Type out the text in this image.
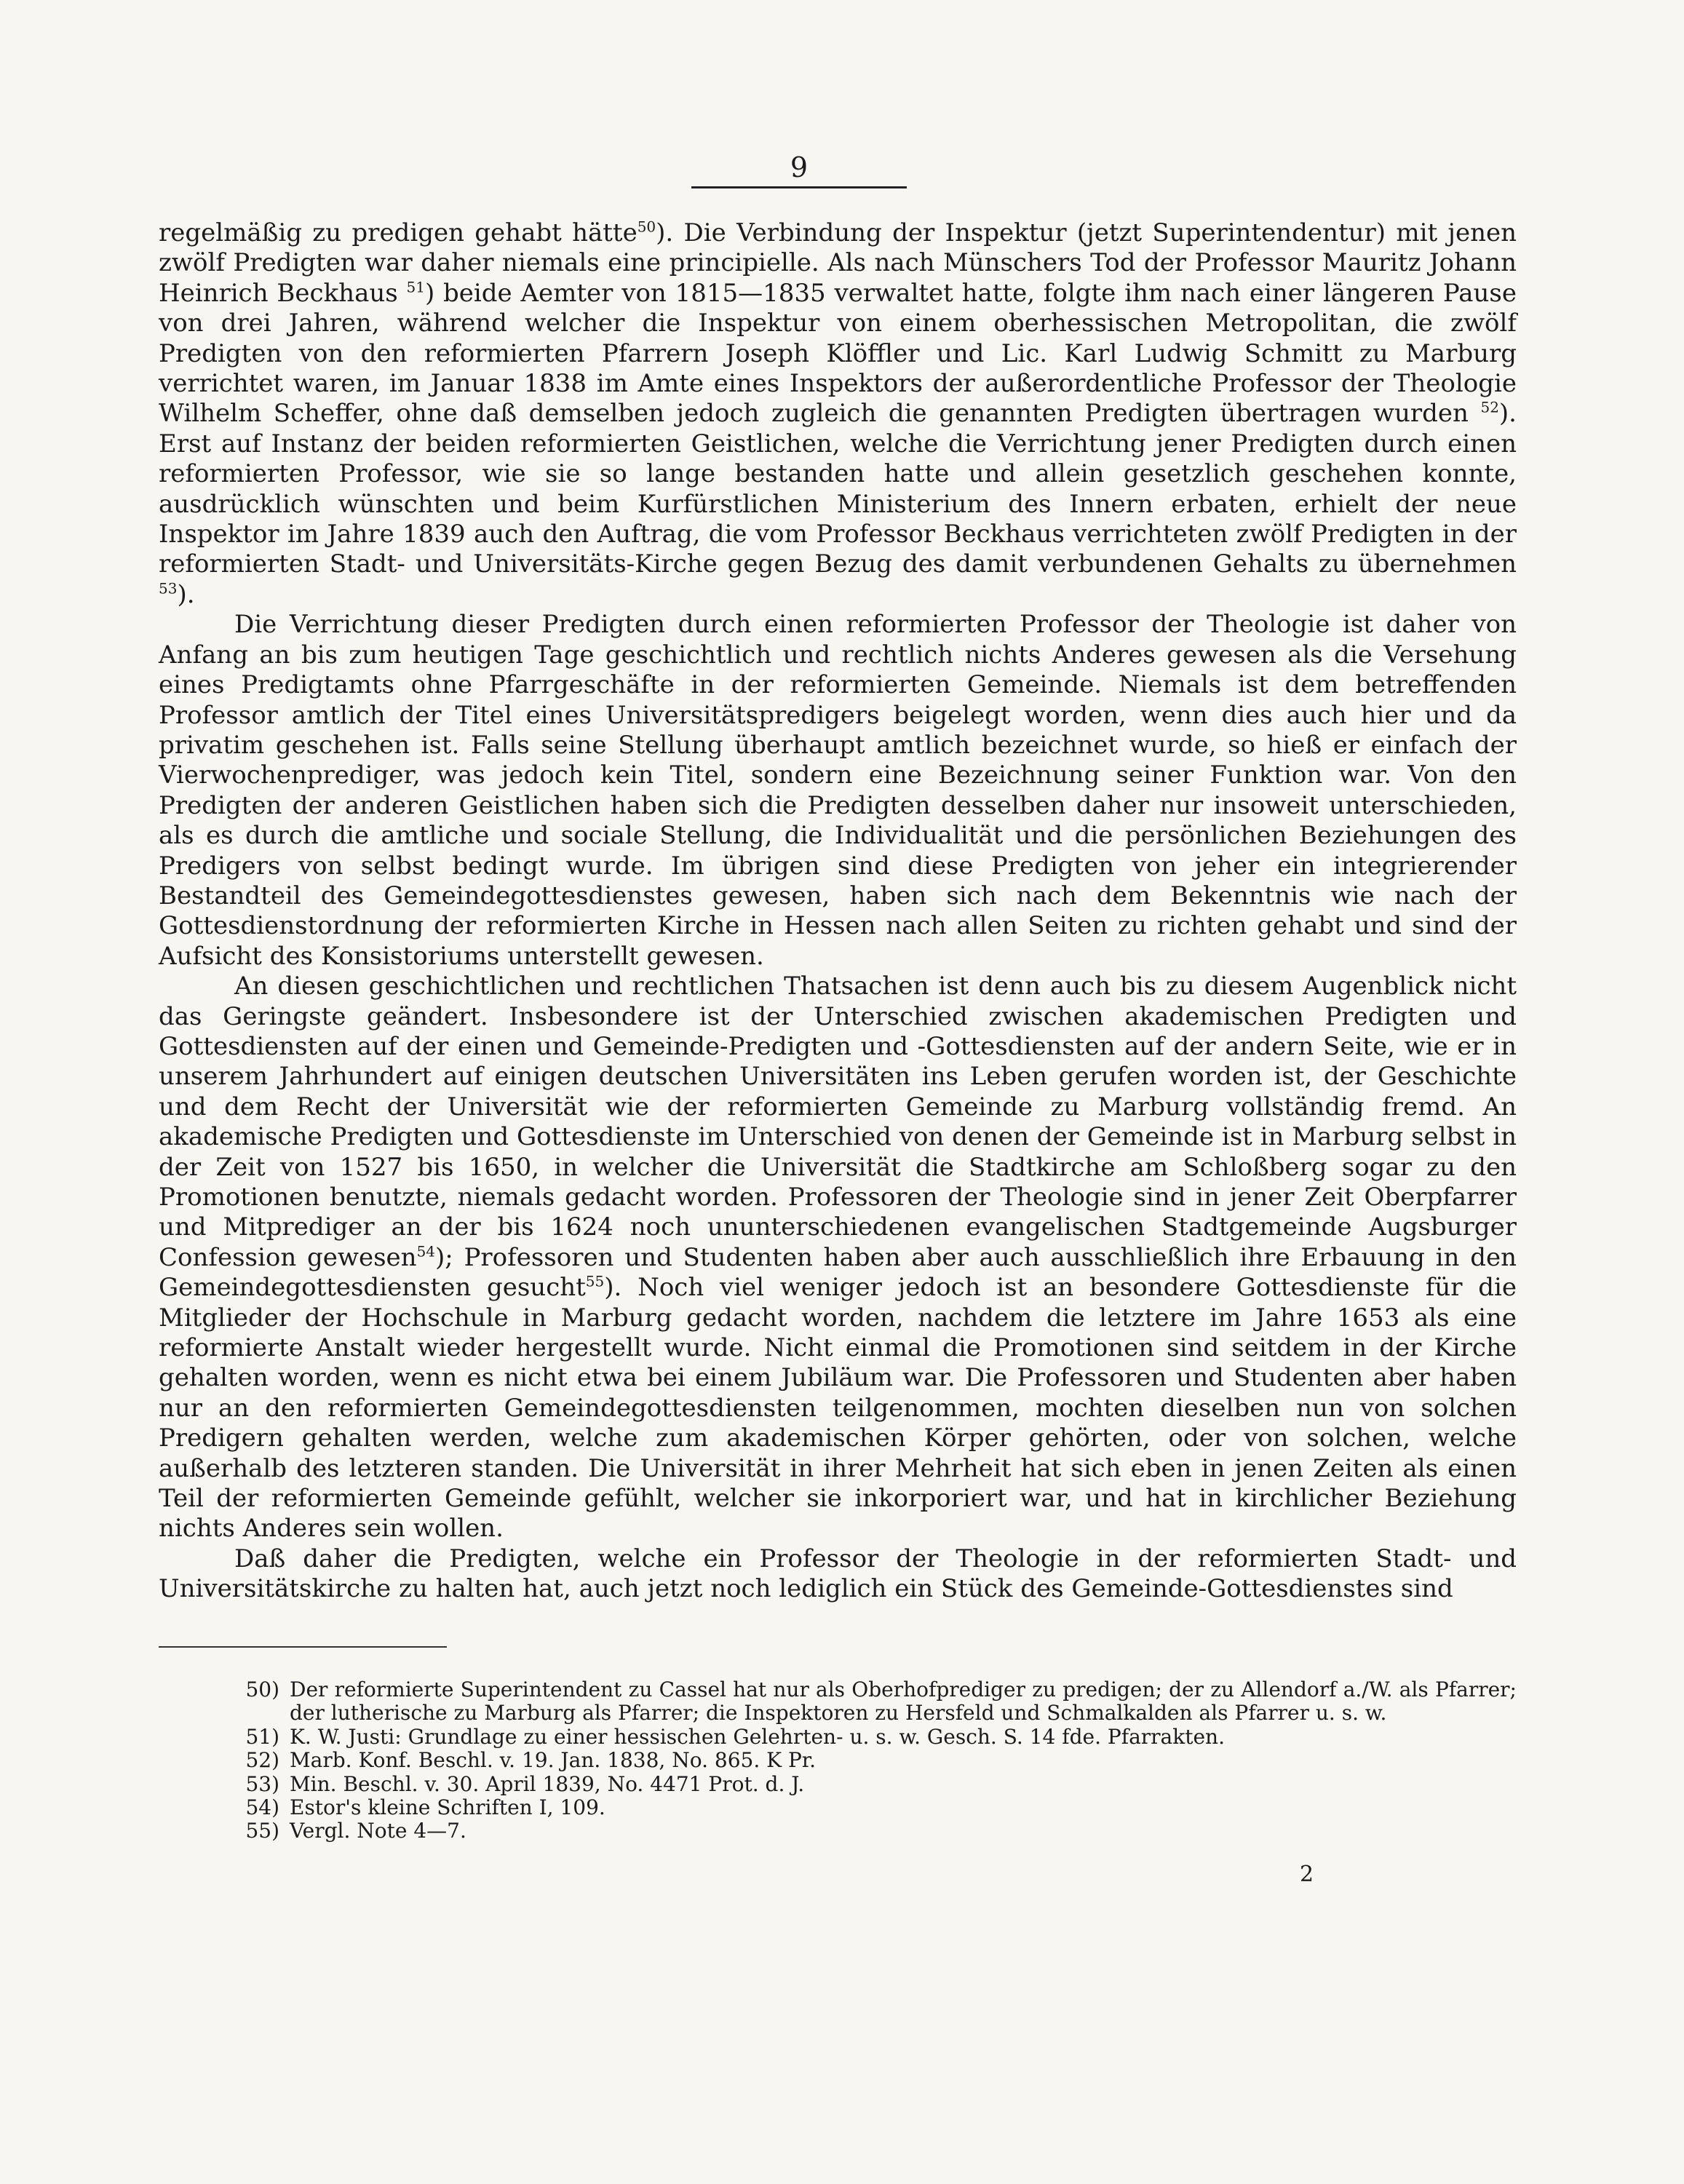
9

regelmäßig zu predigen gehabt hätte$^{50}$). Die Verbindung der Inspektur (jetzt Superintendentur) mit jenen zwölf Predigten war daher niemals eine principielle. Als nach Münschers Tod der Professor Mauritz Johann Heinrich Beckhaus $^{51}$) beide Aemter von 1815—1835 verwaltet hatte, folgte ihm nach einer längeren Pause von drei Jahren, während welcher die Inspektur von einem oberhessischen Metropolitan, die zwölf Predigten von den reformierten Pfarrern Joseph Klöffler und Lic. Karl Ludwig Schmitt zu Marburg verrichtet waren, im Januar 1838 im Amte eines Inspektors der außerordentliche Professor der Theologie Wilhelm Scheffer, ohne daß demselben jedoch zugleich die genannten Predigten übertragen wurden $^{52}$). Erst auf Instanz der beiden reformierten Geistlichen, welche die Verrichtung jener Predigten durch einen reformierten Professor, wie sie so lange bestanden hatte und allein gesetzlich geschehen konnte, ausdrücklich wünschten und beim Kurfürstlichen Ministerium des Innern erbaten, erhielt der neue Inspektor im Jahre 1839 auch den Auftrag, die vom Professor Beckhaus verrichteten zwölf Predigten in der reformierten Stadt- und Universitäts-Kirche gegen Bezug des damit verbundenen Gehalts zu übernehmen $^{53}$).

Die Verrichtung dieser Predigten durch einen reformierten Professor der Theologie ist daher von Anfang an bis zum heutigen Tage geschichtlich und rechtlich nichts Anderes gewesen als die Versehung eines Predigtamts ohne Pfarrgeschäfte in der reformierten Gemeinde. Niemals ist dem betreffenden Professor amtlich der Titel eines Universitätspredigers beigelegt worden, wenn dies auch hier und da privatim geschehen ist. Falls seine Stellung überhaupt amtlich bezeichnet wurde, so hieß er einfach der Vierwochenprediger, was jedoch kein Titel, sondern eine Bezeichnung seiner Funktion war. Von den Predigten der anderen Geistlichen haben sich die Predigten desselben daher nur insoweit unterschieden, als es durch die amtliche und sociale Stellung, die Individualität und die persönlichen Beziehungen des Predigers von selbst bedingt wurde. Im übrigen sind diese Predigten von jeher ein integrierender Bestandteil des Gemeindegottesdienstes gewesen, haben sich nach dem Bekenntnis wie nach der Gottesdienstordnung der reformierten Kirche in Hessen nach allen Seiten zu richten gehabt und sind der Aufsicht des Konsistoriums unterstellt gewesen.

An diesen geschichtlichen und rechtlichen Thatsachen ist denn auch bis zu diesem Augenblick nicht das Geringste geändert. Insbesondere ist der Unterschied zwischen akademischen Predigten und Gottesdiensten auf der einen und Gemeinde-Predigten und -Gottesdiensten auf der andern Seite, wie er in unserem Jahrhundert auf einigen deutschen Universitäten ins Leben gerufen worden ist, der Geschichte und dem Recht der Universität wie der reformierten Gemeinde zu Marburg vollständig fremd. An akademische Predigten und Gottesdienste im Unterschied von denen der Gemeinde ist in Marburg selbst in der Zeit von 1527 bis 1650, in welcher die Universität die Stadtkirche am Schloßberg sogar zu den Promotionen benutzte, niemals gedacht worden. Professoren der Theologie sind in jener Zeit Oberpfarrer und Mitprediger an der bis 1624 noch ununterschiedenen evangelischen Stadtgemeinde Augsburger Confession gewesen$^{54}$); Professoren und Studenten haben aber auch ausschließlich ihre Erbauung in den Gemeindegottesdiensten gesucht$^{55}$). Noch viel weniger jedoch ist an besondere Gottesdienste für die Mitglieder der Hochschule in Marburg gedacht worden, nachdem die letztere im Jahre 1653 als eine reformierte Anstalt wieder hergestellt wurde. Nicht einmal die Promotionen sind seitdem in der Kirche gehalten worden, wenn es nicht etwa bei einem Jubiläum war. Die Professoren und Studenten aber haben nur an den reformierten Gemeindegottesdiensten teilgenommen, mochten dieselben nun von solchen Predigern gehalten werden, welche zum akademischen Körper gehörten, oder von solchen, welche außerhalb des letzteren standen. Die Universität in ihrer Mehrheit hat sich eben in jenen Zeiten als einen Teil der reformierten Gemeinde gefühlt, welcher sie inkorporiert war, und hat in kirchlicher Beziehung nichts Anderes sein wollen.

Daß daher die Predigten, welche ein Professor der Theologie in der reformierten Stadt- und Universitätskirche zu halten hat, auch jetzt noch lediglich ein Stück des Gemeinde-Gottesdienstes sind

50) Der reformierte Superintendent zu Cassel hat nur als Oberhofprediger zu predigen; der zu Allendorf a./W. als Pfarrer; der lutherische zu Marburg als Pfarrer; die Inspektoren zu Hersfeld und Schmalkalden als Pfarrer u. s. w.
51) K. W. Justi: Grundlage zu einer hessischen Gelehrten- u. s. w. Gesch. S. 14 fde. Pfarrakten.
52) Marb. Konf. Beschl. v. 19. Jan. 1838, No. 865. K Pr.
53) Min. Beschl. v. 30. April 1839, No. 4471 Prot. d. J.
54) Estor's kleine Schriften I, 109.
55) Vergl. Note 4—7.
2
